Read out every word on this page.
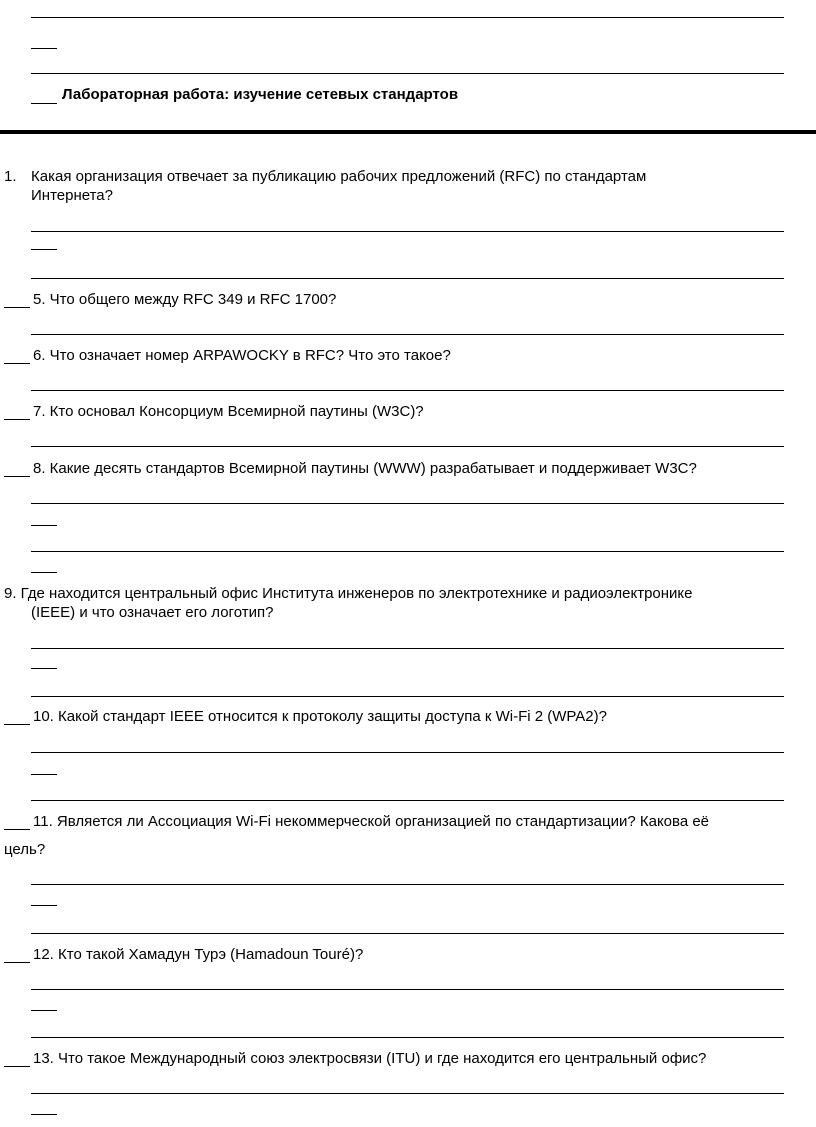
Лабораторная работа: изучение сетевых стандартов
1. Какая организация отвечает за публикацию рабочих предложений (RFC) по стандартам
Интернета?
5. Что общего между RFC 349 и RFC 1700?
6. Что означает номер ARPAWOCKY в RFC? Что это такое?
7. Кто основал Консорциум Всемирной паутины (W3C)?
8. Какие десять стандартов Всемирной паутины (WWW) разрабатывает и поддерживает W3C?
9. Где находится центральный офис Института инженеров по электротехнике и радиоэлектронике
(IEEE) и что означает его логотип?
10. Какой стандарт IEEE относится к протоколу защиты доступа к Wi-Fi 2 (WPA2)?
11. Является ли Ассоциация Wi-Fi некоммерческой организацией по стандартизации? Какова её
цель?
12. Кто такой Хамадун Турэ (Hamadoun Touré)?
13. Что такое Международный союз электросвязи (ITU) и где находится его центральный офис?
